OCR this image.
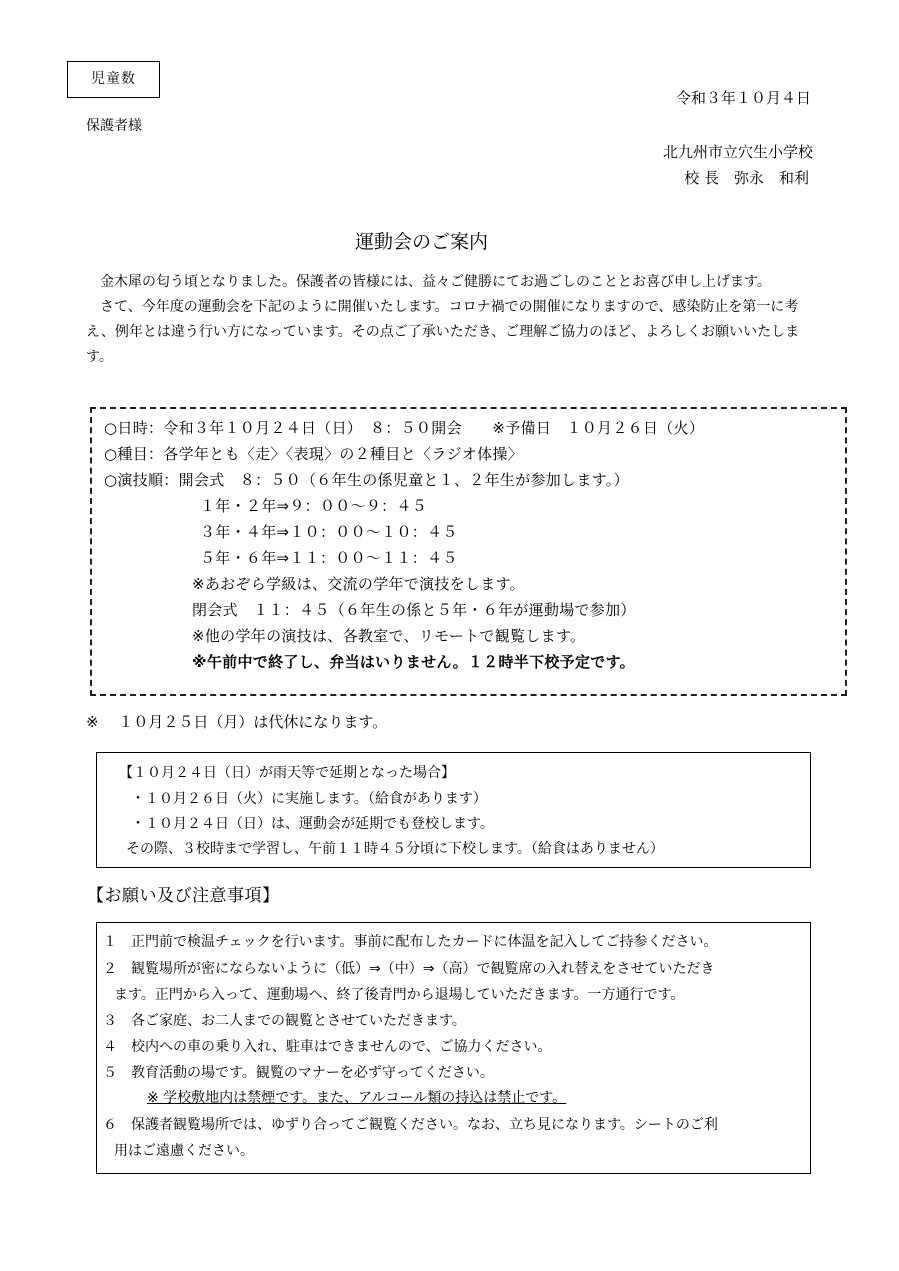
児童数
令和３年１０月４日
保護者様
北九州市立穴生小学校
校 長　弥永　和利
運動会のご案内

金木犀の匂う頃となりました。保護者の皆様には、益々ご健勝にてお過ごしのこととお喜び申し上げます。

さて、今年度の運動会を下記のように開催いたします。コロナ禍での開催になりますので、感染防止を第一に考え、例年とは違う行い方になっています。その点ご了承いただき、ご理解ご協力のほど、よろしくお願いいたします。

○日時：令和３年１０月２４日（日）　８：５０開会　　※予備日　１０月２６日（火）
○種目：各学年とも〈走〉〈表現〉の２種目と〈ラジオ体操〉
○演技順：開会式　８：５０（６年生の係児童と１、２年生が参加します。）
１年・２年⇒９：００～９：４５
３年・４年⇒１０：００～１０：４５
５年・６年⇒１１：００～１１：４５
※あおぞら学級は、交流の学年で演技をします。
閉会式　１１：４５（６年生の係と５年・６年が運動場で参加）
※他の学年の演技は、各教室で、リモートで観覧します。
※午前中で終了し、弁当はいりません。１２時半下校予定です。
※　 １０月２５日（月）は代休になります。
【１０月２４日（日）が雨天等で延期となった場合】
・１０月２６日（火）に実施します。（給食があります）
・１０月２４日（日）は、運動会が延期でも登校します。
その際、３校時まで学習し、午前１１時４５分頃に下校します。（給食はありません）
【お願い及び注意事項】
１　正門前で検温チェックを行います。事前に配布したカードに体温を記入してご持参ください。
２　観覧場所が密にならないように（低）⇒（中）⇒（高）で観覧席の入れ替えをさせていただき
ます。正門から入って、運動場へ、終了後青門から退場していただきます。一方通行です。
３　各ご家庭、お二人までの観覧とさせていただきます。
４　校内への車の乗り入れ、駐車はできませんので、ご協力ください。
５　教育活動の場です。観覧のマナーを必ず守ってください。
※ 学校敷地内は禁煙です。また、アルコール類の持込は禁止です。
６　保護者観覧場所では、ゆずり合ってご観覧ください。なお、立ち見になります。シートのご利
用はご遠慮ください。
